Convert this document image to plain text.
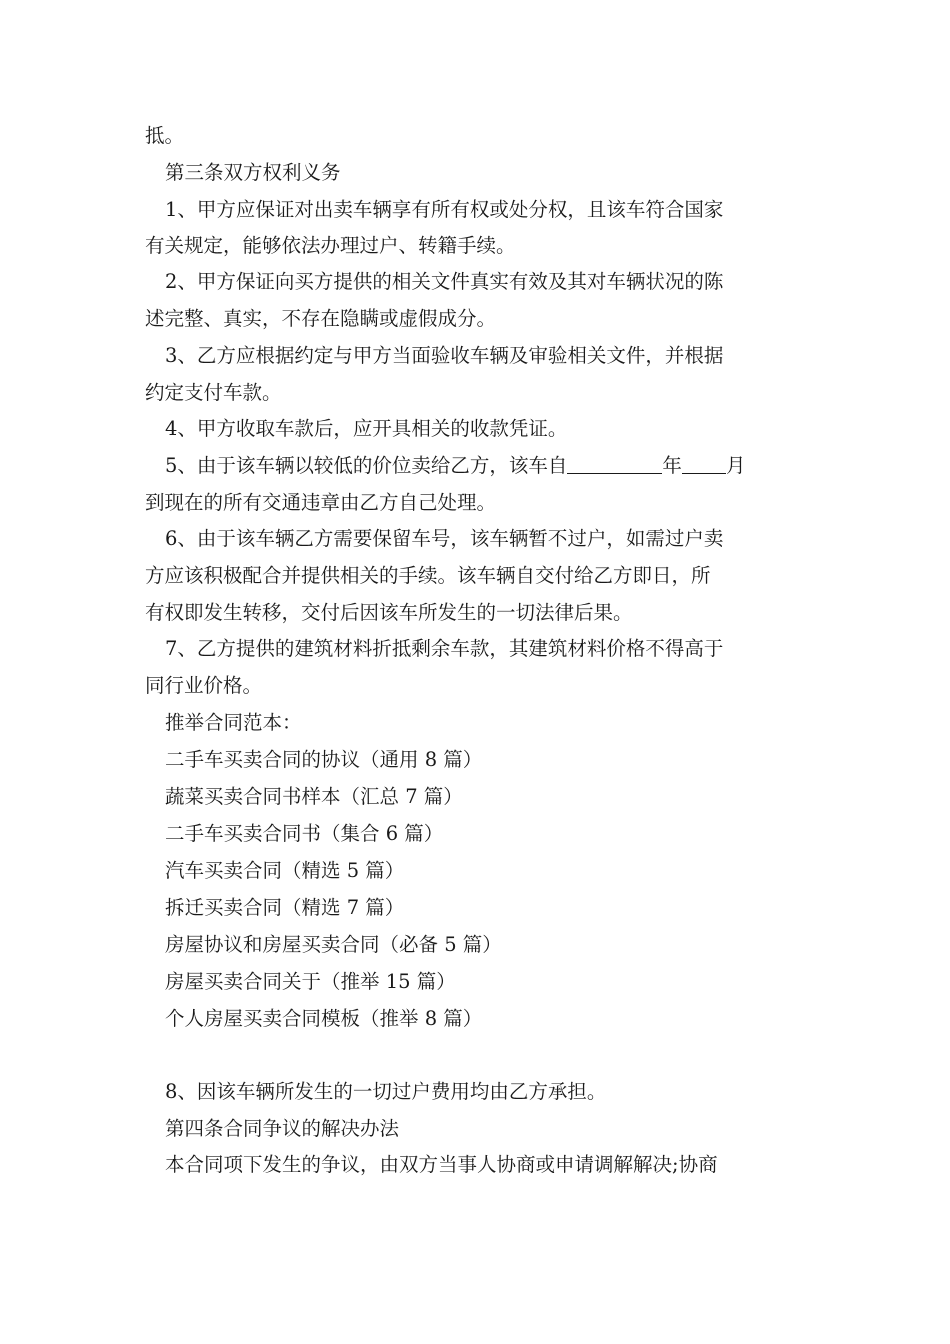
抵。
第三条双方权利义务
1、甲方应保证对出卖车辆享有所有权或处分权，且该车符合国家
有关规定，能够依法办理过户、转籍手续。
2、甲方保证向买方提供的相关文件真实有效及其对车辆状况的陈
述完整、真实，不存在隐瞒或虚假成分。
3、乙方应根据约定与甲方当面验收车辆及审验相关文件，并根据
约定支付车款。
4、甲方收取车款后，应开具相关的收款凭证。
5、由于该车辆以较低的价位卖给乙方，该车自	年 月
到现在的所有交通违章由乙方自己处理。
6、由于该车辆乙方需要保留车号，该车辆暂不过户，如需过户卖
方应该积极配合并提供相关的手续。该车辆自交付给乙方即日，所
有权即发生转移，交付后因该车所发生的一切法律后果。
7、乙方提供的建筑材料折抵剩余车款，其建筑材料价格不得高于
同行业价格。
推举合同范本：
二手车买卖合同的协议（通用 8 篇）
蔬菜买卖合同书样本（汇总 7 篇）
二手车买卖合同书（集合 6 篇）
汽车买卖合同（精选 5 篇）
拆迁买卖合同（精选 7 篇）
房屋协议和房屋买卖合同（必备 5 篇）
房屋买卖合同关于（推举 15 篇）
个人房屋买卖合同模板（推举 8 篇）
8、因该车辆所发生的一切过户费用均由乙方承担。
第四条合同争议的解决办法
本合同项下发生的争议，由双方当事人协商或申请调解解决;协商
